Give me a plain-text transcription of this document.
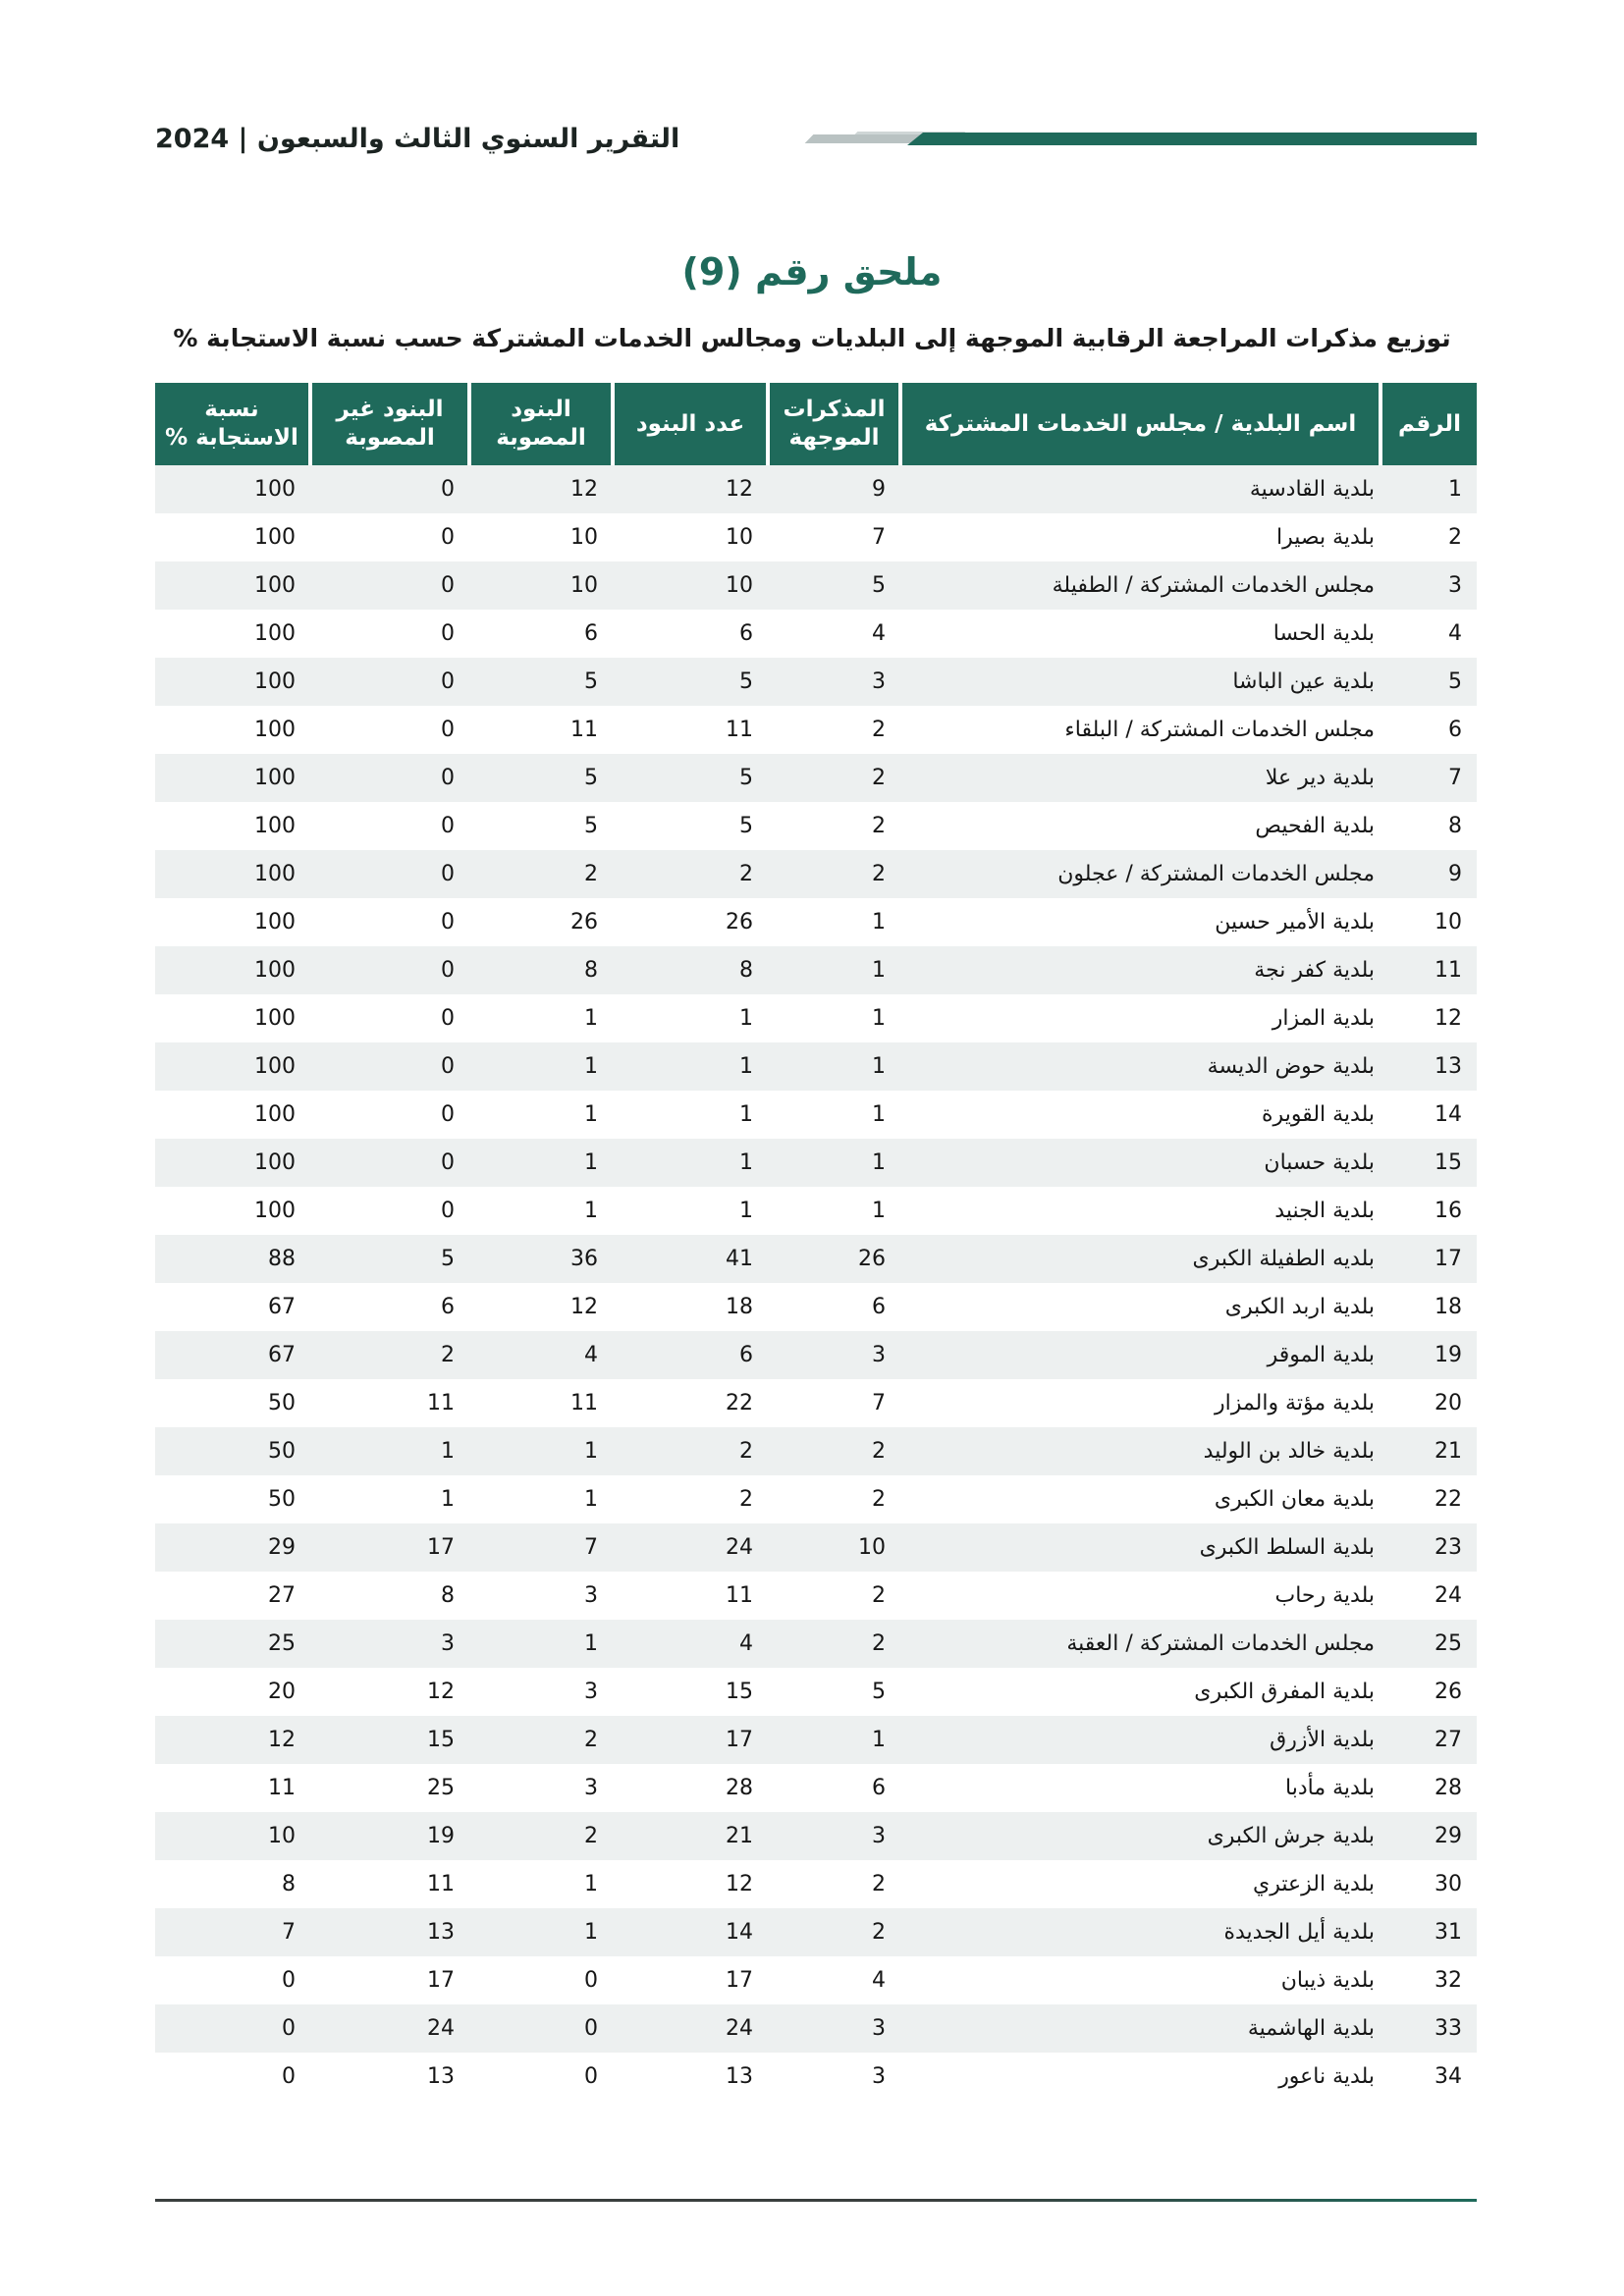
التقرير السنوي الثالث والسبعون | 2024
ملحق رقم (9)
توزيع مذكرات المراجعة الرقابية الموجهة إلى البلديات ومجالس الخدمات المشتركة حسب نسبة الاستجابة %
الرقم	اسم البلدية / مجلس الخدمات المشتركة	المذكرات الموجهة	عدد البنود	البنود المصوبة	البنود غير المصوبة	نسبة الاستجابة %
1	بلدية القادسية	9	12	12	0	100
2	بلدية بصيرا	7	10	10	0	100
3	مجلس الخدمات المشتركة / الطفيلة	5	10	10	0	100
4	بلدية الحسا	4	6	6	0	100
5	بلدية عين الباشا	3	5	5	0	100
6	مجلس الخدمات المشتركة / البلقاء	2	11	11	0	100
7	بلدية دير علا	2	5	5	0	100
8	بلدية الفحيص	2	5	5	0	100
9	مجلس الخدمات المشتركة / عجلون	2	2	2	0	100
10	بلدية الأمير حسين	1	26	26	0	100
11	بلدية كفر نجة	1	8	8	0	100
12	بلدية المزار	1	1	1	0	100
13	بلدية حوض الديسة	1	1	1	0	100
14	بلدية القويرة	1	1	1	0	100
15	بلدية حسبان	1	1	1	0	100
16	بلدية الجنيد	1	1	1	0	100
17	بلديه الطفيلة الكبرى	26	41	36	5	88
18	بلدية اربد الكبرى	6	18	12	6	67
19	بلدية الموقر	3	6	4	2	67
20	بلدية مؤتة والمزار	7	22	11	11	50
21	بلدية خالد بن الوليد	2	2	1	1	50
22	بلدية معان الكبرى	2	2	1	1	50
23	بلدية السلط الكبرى	10	24	7	17	29
24	بلدية رحاب	2	11	3	8	27
25	مجلس الخدمات المشتركة / العقبة	2	4	1	3	25
26	بلدية المفرق الكبرى	5	15	3	12	20
27	بلدية الأزرق	1	17	2	15	12
28	بلدية مأدبا	6	28	3	25	11
29	بلدية جرش الكبرى	3	21	2	19	10
30	بلدية الزعتري	2	12	1	11	8
31	بلدية أيل الجديدة	2	14	1	13	7
32	بلدية ذيبان	4	17	0	17	0
33	بلدية الهاشمية	3	24	0	24	0
34	بلدية ناعور	3	13	0	13	0
